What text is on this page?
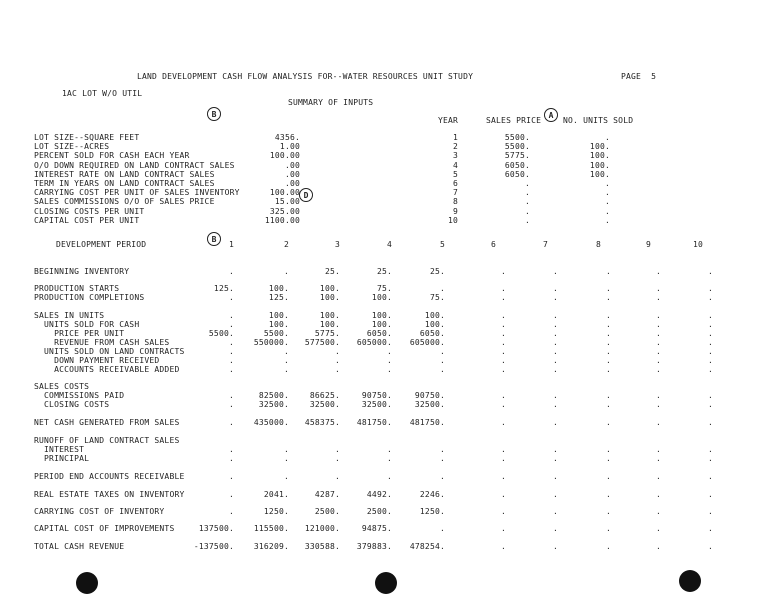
LAND DEVELOPMENT CASH FLOW ANALYSIS FOR--WATER RESOURCES UNIT STUDY	PAGE  5
1AC LOT W/O UTIL
SUMMARY OF INPUTS
B	A
D
B
YEAR	SALES PRICE	NO. UNITS SOLD
LOT SIZE--SQUARE FEET	4356.	1	5500.	.
LOT SIZE--ACRES	1.00	2	5500.	100.
PERCENT SOLD FOR CASH EACH YEAR	100.00	3	5775.	100.
O/O DOWN REQUIRED ON LAND CONTRACT SALES	.00	4	6050.	100.
INTEREST RATE ON LAND CONTRACT SALES	.00	5	6050.	100.
TERM IN YEARS ON LAND CONTRACT SALES	.00	6	.	.
CARRYING COST PER UNIT OF SALES INVENTORY	100.00	7	.	.
SALES COMMISSIONS O/O OF SALES PRICE	15.00	8	.	.
CLOSING COSTS PER UNIT	325.00	9	.	.
CAPITAL COST PER UNIT	1100.00	10	.	.
DEVELOPMENT PERIOD	1	2	3	4	5	6	7	8	9	10
BEGINNING INVENTORY	.	.	25.	25.	25.	.	.	.	.	.
PRODUCTION STARTS	125.	100.	100.	75.	.	.	.	.	.	.
PRODUCTION COMPLETIONS	.	125.	100.	100.	75.	.	.	.	.	.
SALES IN UNITS	.	100.	100.	100.	100.	.	.	.	.	.
UNITS SOLD FOR CASH	.	100.	100.	100.	100.	.	.	.	.	.
PRICE PER UNIT	5500.	5500.	5775.	6050.	6050.	.	.	.	.	.
REVENUE FROM CASH SALES	.	550000.	577500.	605000.	605000.	.	.	.	.	.
UNITS SOLD ON LAND CONTRACTS	.	.	.	.	.	.	.	.	.	.
DOWN PAYMENT RECEIVED	.	.	.	.	.	.	.	.	.	.
ACCOUNTS RECEIVABLE ADDED	.	.	.	.	.	.	.	.	.	.
SALES COSTS
COMMISSIONS PAID	.	82500.	86625.	90750.	90750.	.	.	.	.	.
CLOSING COSTS	.	32500.	32500.	32500.	32500.	.	.	.	.	.
NET CASH GENERATED FROM SALES	.	435000.	458375.	481750.	481750.	.	.	.	.	.
RUNOFF OF LAND CONTRACT SALES
INTEREST	.	.	.	.	.	.	.	.	.	.
PRINCIPAL	.	.	.	.	.	.	.	.	.	.
PERIOD END ACCOUNTS RECEIVABLE	.	.	.	.	.	.	.	.	.	.
REAL ESTATE TAXES ON INVENTORY	.	2041.	4287.	4492.	2246.	.	.	.	.	.
CARRYING COST OF INVENTORY	.	1250.	2500.	2500.	1250.	.	.	.	.	.
CAPITAL COST OF IMPROVEMENTS	137500.	115500.	121000.	94875.	.	.	.	.	.	.
TOTAL CASH REVENUE	-137500.	316209.	330588.	379883.	478254.	.	.	.	.	.
